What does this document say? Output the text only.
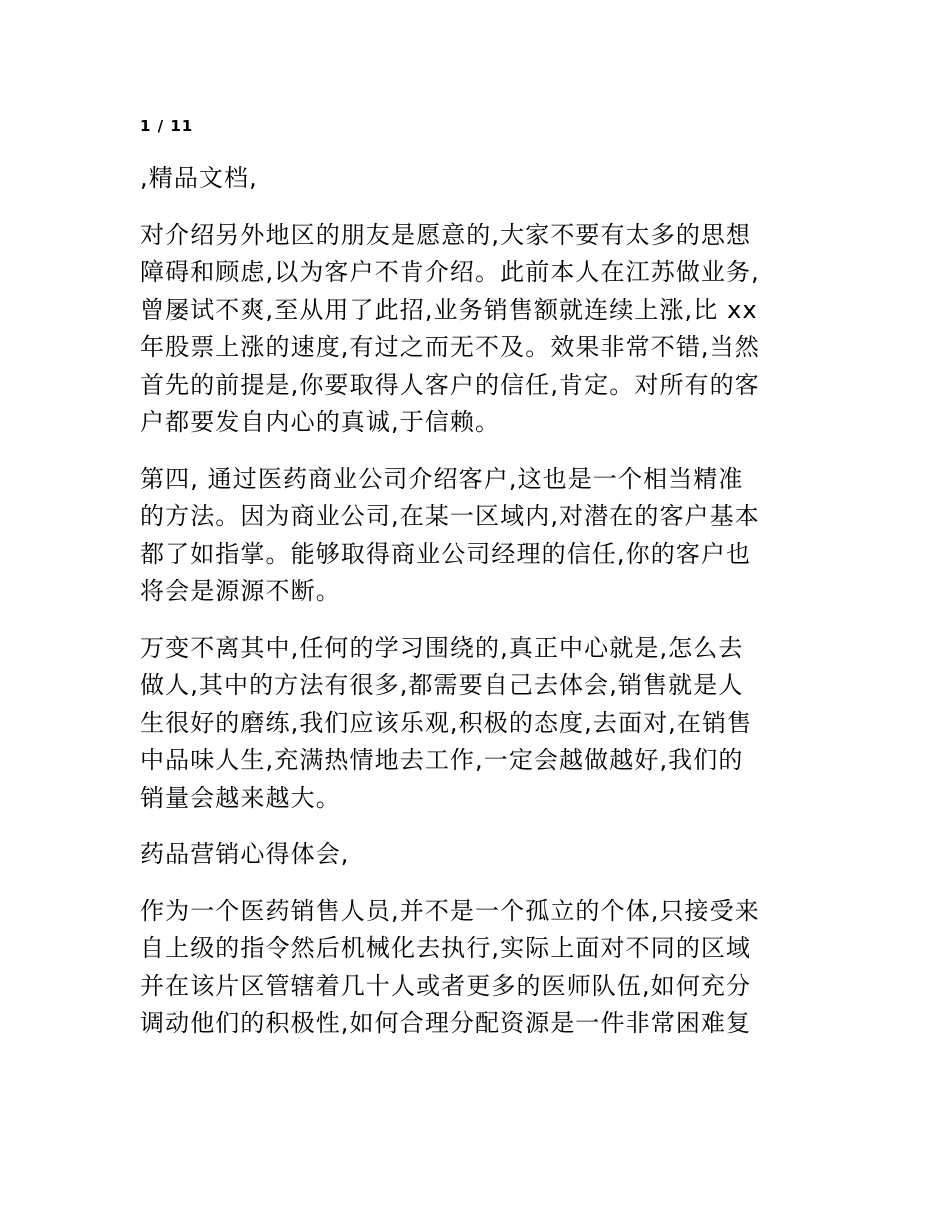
1 / 11

,精品文档,

对介绍另外地区的朋友是愿意的,大家不要有太多的思想
障碍和顾虑,以为客户不肯介绍。此前本人在江苏做业务,
曾屡试不爽,至从用了此招,业务销售额就连续上涨,比 xx
年股票上涨的速度,有过之而无不及。效果非常不错,当然
首先的前提是,你要取得人客户的信任,肯定。对所有的客
户都要发自内心的真诚,于信赖。

第四, 通过医药商业公司介绍客户,这也是一个相当精准
的方法。因为商业公司,在某一区域内,对潜在的客户基本
都了如指掌。能够取得商业公司经理的信任,你的客户也
将会是源源不断。

万变不离其中,任何的学习围绕的,真正中心就是,怎么去
做人,其中的方法有很多,都需要自己去体会,销售就是人
生很好的磨练,我们应该乐观,积极的态度,去面对,在销售
中品味人生,充满热情地去工作,一定会越做越好,我们的
销量会越来越大。

药品营销心得体会,

作为一个医药销售人员,并不是一个孤立的个体,只接受来
自上级的指令然后机械化去执行,实际上面对不同的区域
并在该片区管辖着几十人或者更多的医师队伍,如何充分
调动他们的积极性,如何合理分配资源是一件非常困难复
